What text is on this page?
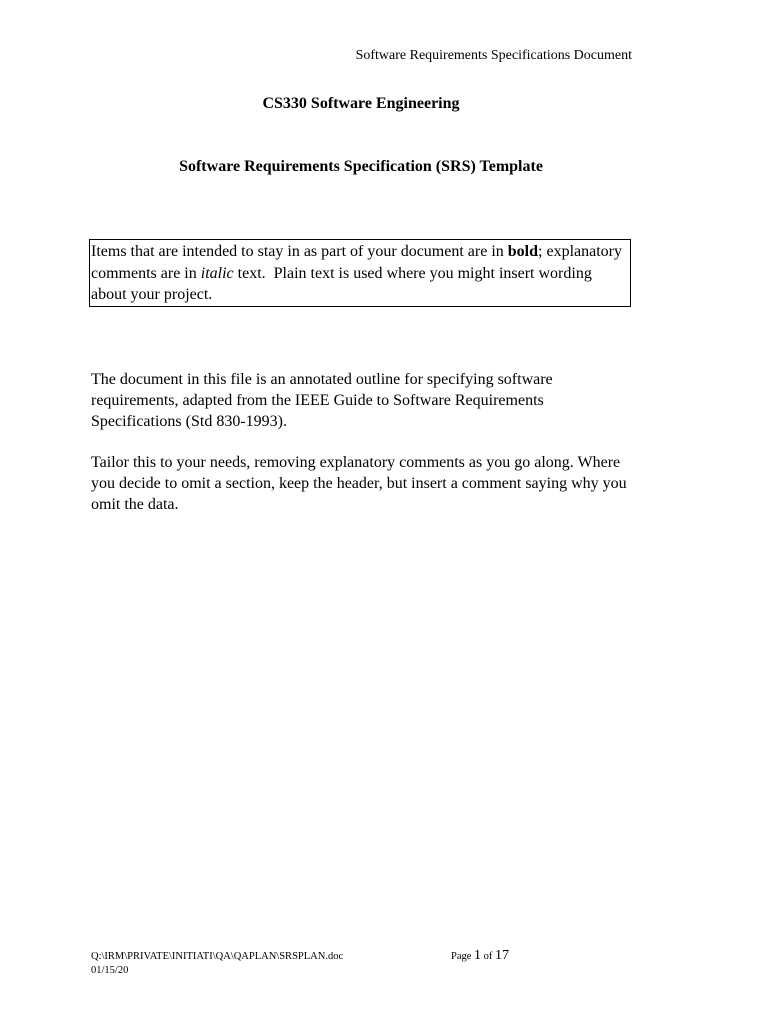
Software Requirements Specifications Document
CS330 Software Engineering
Software Requirements Specification (SRS) Template
Items that are intended to stay in as part of your document are in bold; explanatory comments are in italic text.  Plain text is used where you might insert wording about your project.

The document in this file is an annotated outline for specifying software requirements, adapted from the IEEE Guide to Software Requirements Specifications (Std 830-1993).

Tailor this to your needs, removing explanatory comments as you go along. Where you decide to omit a section, keep the header, but insert a comment saying why you omit the data.

Q:\IRM\PRIVATE\INITIATI\QA\QAPLAN\SRSPLAN.doc
01/15/20
Page 1 of 17
